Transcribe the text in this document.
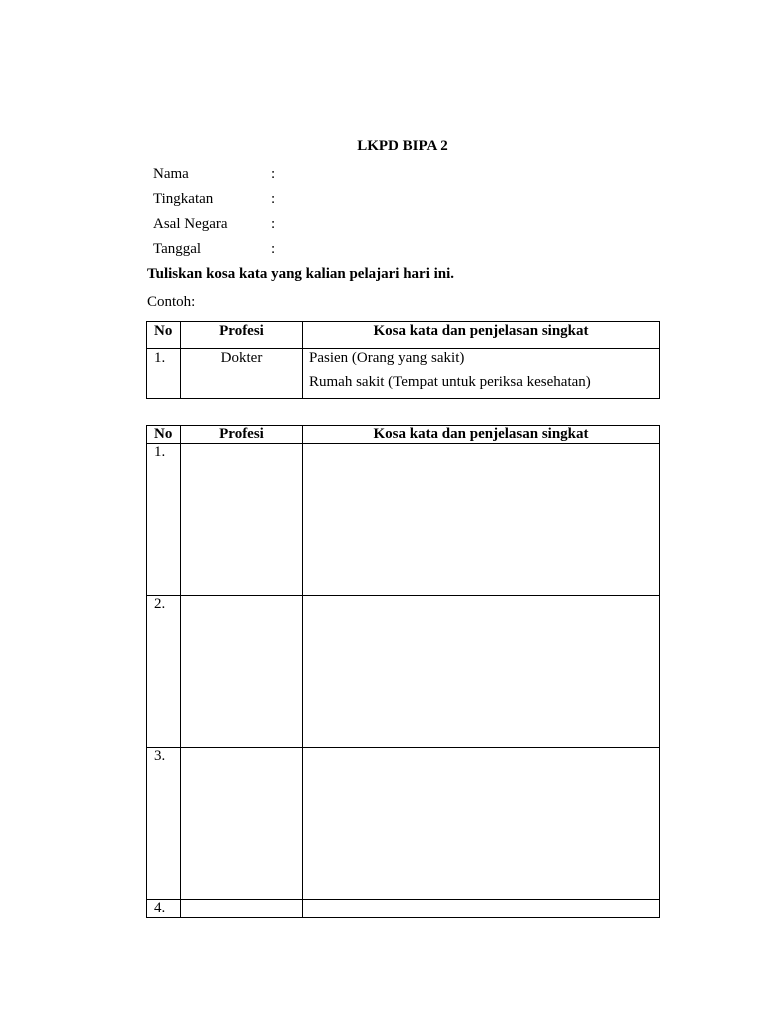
LKPD BIPA 2
Nama	:
Tingkatan	:
Asal Negara	:
Tanggal	:
Tuliskan kosa kata yang kalian pelajari hari ini.
Contoh:
No	Profesi	Kosa kata dan penjelasan singkat
1.	Dokter	Pasien (Orang yang sakit)
Rumah sakit (Tempat untuk periksa kesehatan)
No	Profesi	Kosa kata dan penjelasan singkat
1.		
2.		
3.		
4.		
